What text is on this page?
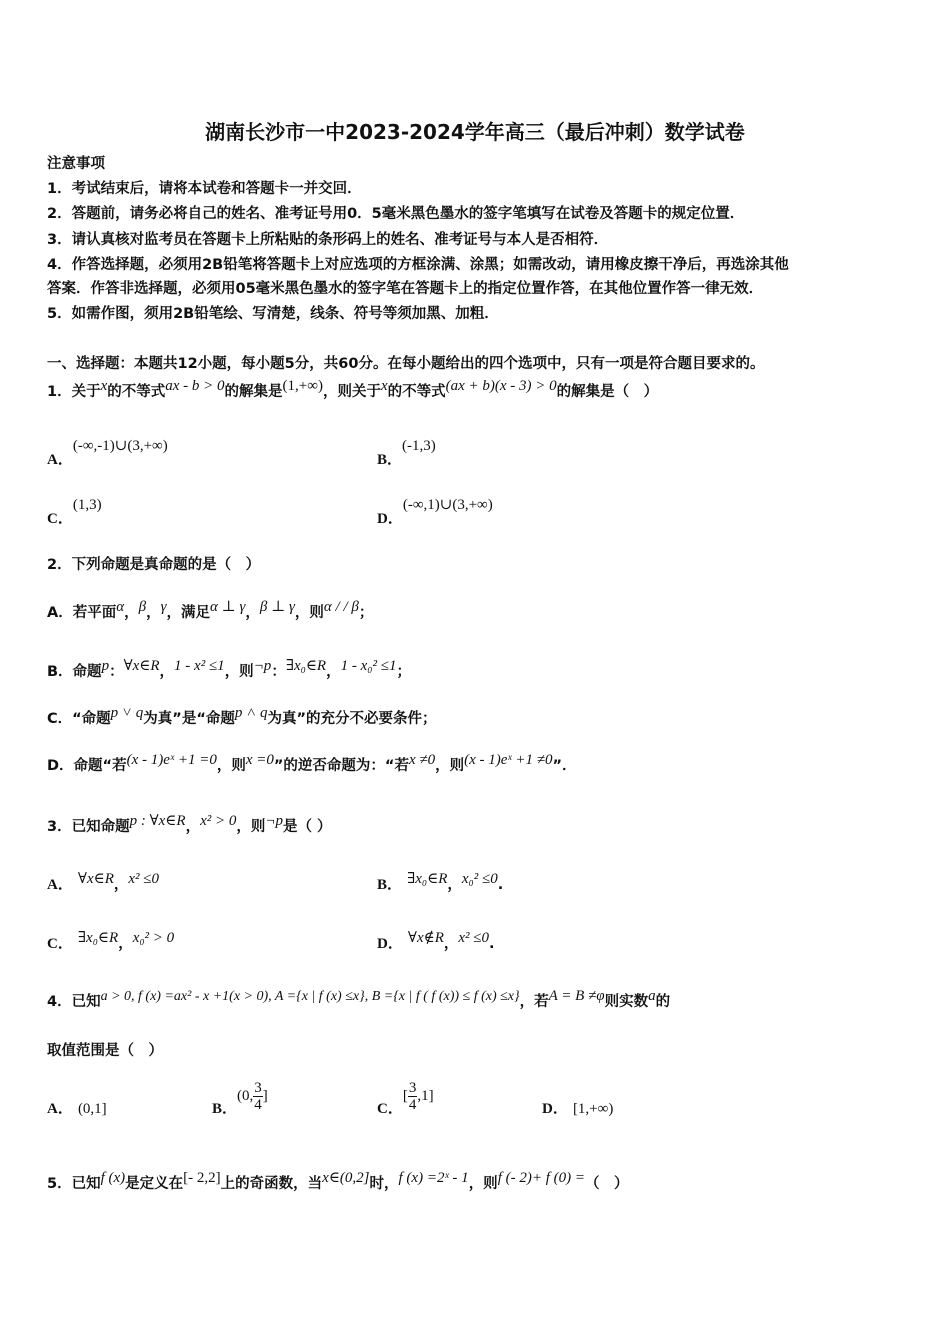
湖南长沙市一中2023-2024学年高三（最后冲刺）数学试卷
注意事项
1．考试结束后，请将本试卷和答题卡一并交回．
2．答题前，请务必将自己的姓名、准考证号用0．5毫米黑色墨水的签字笔填写在试卷及答题卡的规定位置．
3．请认真核对监考员在答题卡上所粘贴的条形码上的姓名、准考证号与本人是否相符．
4．作答选择题，必须用2B铅笔将答题卡上对应选项的方框涂满、涂黑；如需改动，请用橡皮擦干净后，再选涂其他
答案．作答非选择题，必须用05毫米黑色墨水的签字笔在答题卡上的指定位置作答，在其他位置作答一律无效．
5．如需作图，须用2B铅笔绘、写清楚，线条、符号等须加黑、加粗．
一、选择题：本题共12小题，每小题5分，共60分。在每小题给出的四个选项中，只有一项是符合题目要求的。
1．关于$^x$的不等式$^{ax - b > 0}$的解集是$^{(1,+\infty)}$，则关于$^x$的不等式$^{(ax + b)(x - 3) > 0}$的解集是（　）
A．(-∞,-1)∪(3,+∞)
B．(-1,3)
C．(1,3)
D．(-∞,1)∪(3,+∞)
2．下列命题是真命题的是（　）
A．若平面$^\alpha$，$^\beta$，$^\gamma$，满足$^{\alpha \perp \gamma}$，$^{\beta \perp \gamma}$，则$^{\alpha / / \beta}$；
B．命题$^p$：$^{\forall x\in R}$，$^{1 - x^2 \le 1}$，则$^{\neg p}$：$^{\exists x_0\in R}$，$^{1 - x_0^2 \le 1}$；
C．“命题$^{p ˅ q}$为真”是“命题$^{p ˄ q}$为真”的充分不必要条件；
D．命题“若$^{(x - 1)eˣ +1 =0}$，则$^{x =0}$”的逆否命题为：“若$^{x \ne 0}$，则$^{(x - 1)eˣ +1 \ne 0}$”．
3．已知命题$^{p : \forall x\in R}$，$^{x^2 > 0}$，则$^{\neg p}$是（ ）
A． $^{\forall x\in R}$，$^{x^2 \le 0}$	B． $^{\exists x_0\in R}$，$^{x_0^2 \le 0}$.
C． $^{\exists x_0\in R}$，$^{x_0^2 > 0}$	D． $^{\forall x\notin R}$，$^{x^2 \le 0}$.
4．已知$^{a > 0, f (x) =ax^2 - x +1(x > 0), A =\{x | f (x) \le x\}, B =\{x | f ( f (x)) \le f (x) \le x\}}$，若$^{A = B \ne\varphi}$则实数$^a$的
取值范围是（　）
A． (0,1]	B．
(0, $\frac{3}{4}$ ]
C．
[ $\frac{3}{4} ,1$]
D． [1,+∞)
5．已知$^{f (x)}$是定义在[- 2,2]上的奇函数，当$^{x\in(0,2]}$时，$^{f (x) =2ˣ - 1}$，则$^{f (- 2)+ f (0) =}$（　）
